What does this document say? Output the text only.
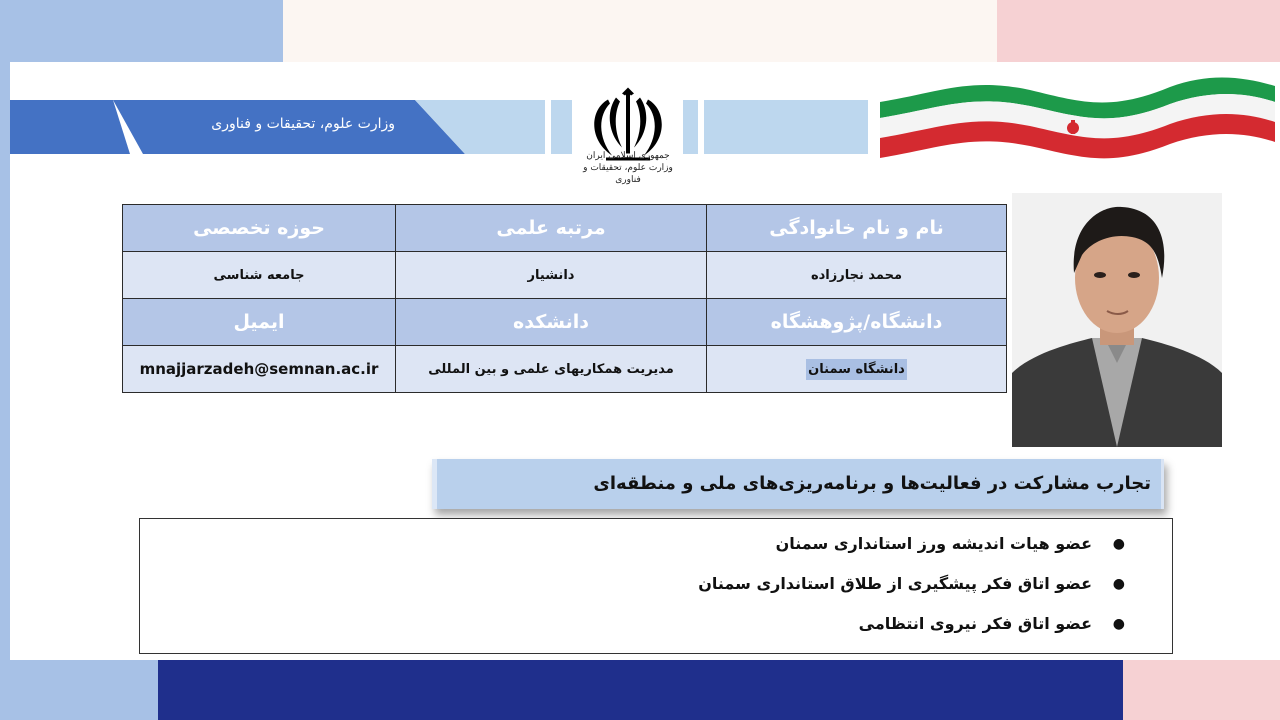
وزارت علوم، تحقیقات و فناوری
جمهوری اسلامی ایران
وزارت علوم، تحقیقات و فناوری
نام و نام خانوادگی	مرتبه علمی	حوزه تخصصی
محمد نجارزاده	دانشیار	جامعه شناسی
دانشگاه/پژوهشگاه	دانشکده	ایمیل
دانشگاه سمنان	مدیریت همکاریهای علمی و بین المللی	mnajjarzadeh@semnan.ac.ir
تجارب مشارکت در فعالیت‌ها و برنامه‌ریزی‌های ملی و منطقه‌ای
●
عضو هیات اندیشه ورز استانداری سمنان
●
عضو اتاق فکر پیشگیری از طلاق استانداری سمنان
●
عضو اتاق فکر نیروی انتظامی
